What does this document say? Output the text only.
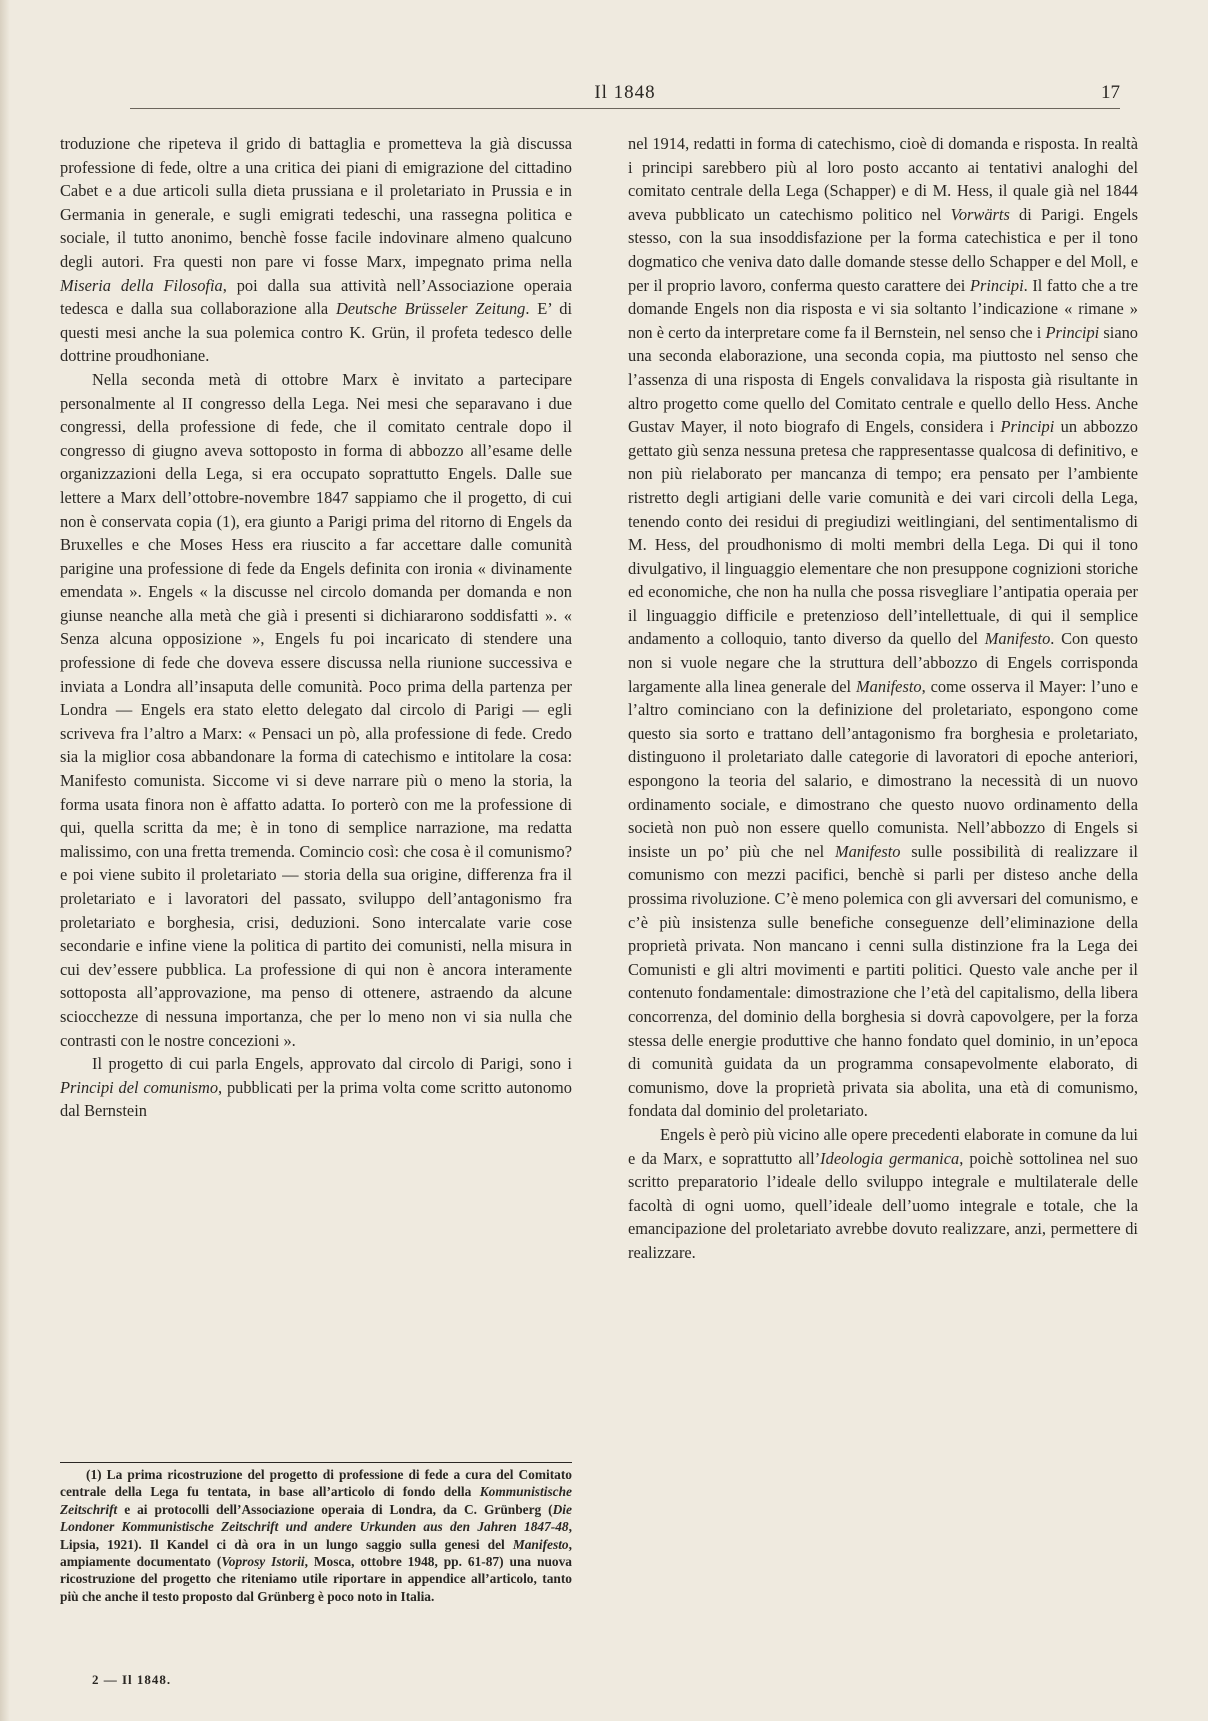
Il 1848	17

troduzione che ripeteva il grido di battaglia e prometteva la già discussa professione di fede, oltre a una critica dei piani di emigrazione del cittadino Cabet e a due articoli sulla dieta prussiana e il proletariato in Prussia e in Germania in generale, e sugli emigrati tedeschi, una rassegna politica e sociale, il tutto anonimo, benchè fosse facile indovinare almeno qualcuno degli autori. Fra questi non pare vi fosse Marx, impegnato prima nella Miseria della Filosofia, poi dalla sua attività nell’Associazione operaia tedesca e dalla sua collaborazione alla Deutsche Brüsseler Zeitung. E’ di questi mesi anche la sua polemica contro K. Grün, il profeta tedesco delle dottrine proudhoniane.

Nella seconda metà di ottobre Marx è invitato a partecipare personalmente al II congresso della Lega. Nei mesi che separavano i due congressi, della professione di fede, che il comitato centrale dopo il congresso di giugno aveva sottoposto in forma di abbozzo all’esame delle organizzazioni della Lega, si era occupato soprattutto Engels. Dalle sue lettere a Marx dell’ottobre-novembre 1847 sappiamo che il progetto, di cui non è conservata copia (1), era giunto a Parigi prima del ritorno di Engels da Bruxelles e che Moses Hess era riuscito a far accettare dalle comunità parigine una professione di fede da Engels definita con ironia « divinamente emendata ». Engels « la discusse nel circolo domanda per domanda e non giunse neanche alla metà che già i presenti si dichiararono soddisfatti ». « Senza alcuna opposizione », Engels fu poi incaricato di stendere una professione di fede che doveva essere discussa nella riunione successiva e inviata a Londra all’insaputa delle comunità. Poco prima della partenza per Londra — Engels era stato eletto delegato dal circolo di Parigi — egli scriveva fra l’altro a Marx: « Pensaci un pò, alla professione di fede. Credo sia la miglior cosa abbandonare la forma di catechismo e intitolare la cosa: Manifesto comunista. Siccome vi si deve narrare più o meno la storia, la forma usata finora non è affatto adatta. Io porterò con me la professione di qui, quella scritta da me; è in tono di semplice narrazione, ma redatta malissimo, con una fretta tremenda. Comincio così: che cosa è il comunismo? e poi viene subito il proletariato — storia della sua origine, differenza fra il proletariato e i lavoratori del passato, sviluppo dell’antagonismo fra proletariato e borghesia, crisi, deduzioni. Sono intercalate varie cose secondarie e infine viene la politica di partito dei comunisti, nella misura in cui dev’essere pubblica. La professione di qui non è ancora interamente sottoposta all’approvazione, ma penso di ottenere, astraendo da alcune sciocchezze di nessuna importanza, che per lo meno non vi sia nulla che contrasti con le nostre concezioni ».

Il progetto di cui parla Engels, approvato dal circolo di Parigi, sono i Principi del comunismo, pubblicati per la prima volta come scritto autonomo dal Bernstein

(1) La prima ricostruzione del progetto di professione di fede a cura del Comitato centrale della Lega fu tentata, in base all’articolo di fondo della Kommunistische Zeitschrift e ai protocolli dell’Associazione operaia di Londra, da C. Grünberg (Die Londoner Kommunistische Zeitschrift und andere Urkunden aus den Jahren 1847-48, Lipsia, 1921). Il Kandel ci dà ora in un lungo saggio sulla genesi del Manifesto, ampiamente documentato (Voprosy Istorii, Mosca, ottobre 1948, pp. 61-87) una nuova ricostruzione del progetto che riteniamo utile riportare in appendice all’articolo, tanto più che anche il testo proposto dal Grünberg è poco noto in Italia.

2 — Il 1848.

nel 1914, redatti in forma di catechismo, cioè di domanda e risposta. In realtà i principi sarebbero più al loro posto accanto ai tentativi analoghi del comitato centrale della Lega (Schapper) e di M. Hess, il quale già nel 1844 aveva pubblicato un catechismo politico nel Vorwärts di Parigi. Engels stesso, con la sua insoddisfazione per la forma catechistica e per il tono dogmatico che veniva dato dalle domande stesse dello Schapper e del Moll, e per il proprio lavoro, conferma questo carattere dei Principi. Il fatto che a tre domande Engels non dia risposta e vi sia soltanto l’indicazione « rimane » non è certo da interpretare come fa il Bernstein, nel senso che i Principi siano una seconda elaborazione, una seconda copia, ma piuttosto nel senso che l’assenza di una risposta di Engels convalidava la risposta già risultante in altro progetto come quello del Comitato centrale e quello dello Hess. Anche Gustav Mayer, il noto biografo di Engels, considera i Principi un abbozzo gettato giù senza nessuna pretesa che rappresentasse qualcosa di definitivo, e non più rielaborato per mancanza di tempo; era pensato per l’ambiente ristretto degli artigiani delle varie comunità e dei vari circoli della Lega, tenendo conto dei residui di pregiudizi weitlingiani, del sentimentalismo di M. Hess, del proudhonismo di molti membri della Lega. Di qui il tono divulgativo, il linguaggio elementare che non presuppone cognizioni storiche ed economiche, che non ha nulla che possa risvegliare l’antipatia operaia per il linguaggio difficile e pretenzioso dell’intellettuale, di qui il semplice andamento a colloquio, tanto diverso da quello del Manifesto. Con questo non si vuole negare che la struttura dell’abbozzo di Engels corrisponda largamente alla linea generale del Manifesto, come osserva il Mayer: l’uno e l’altro cominciano con la definizione del proletariato, espongono come questo sia sorto e trattano dell’antagonismo fra borghesia e proletariato, distinguono il proletariato dalle categorie di lavoratori di epoche anteriori, espongono la teoria del salario, e dimostrano la necessità di un nuovo ordinamento sociale, e dimostrano che questo nuovo ordinamento della società non può non essere quello comunista. Nell’abbozzo di Engels si insiste un po’ più che nel Manifesto sulle possibilità di realizzare il comunismo con mezzi pacifici, benchè si parli per disteso anche della prossima rivoluzione. C’è meno polemica con gli avversari del comunismo, e c’è più insistenza sulle benefiche conseguenze dell’eliminazione della proprietà privata. Non mancano i cenni sulla distinzione fra la Lega dei Comunisti e gli altri movimenti e partiti politici. Questo vale anche per il contenuto fondamentale: dimostrazione che l’età del capitalismo, della libera concorrenza, del dominio della borghesia si dovrà capovolgere, per la forza stessa delle energie produttive che hanno fondato quel dominio, in un’epoca di comunità guidata da un programma consapevolmente elaborato, di comunismo, dove la proprietà privata sia abolita, una età di comunismo, fondata dal dominio del proletariato.

Engels è però più vicino alle opere precedenti elaborate in comune da lui e da Marx, e soprattutto all’Ideologia germanica, poichè sottolinea nel suo scritto preparatorio l’ideale dello sviluppo integrale e multilaterale delle facoltà di ogni uomo, quell’ideale dell’uomo integrale e totale, che la emancipazione del proletariato avrebbe dovuto realizzare, anzi, permettere di realizzare.
